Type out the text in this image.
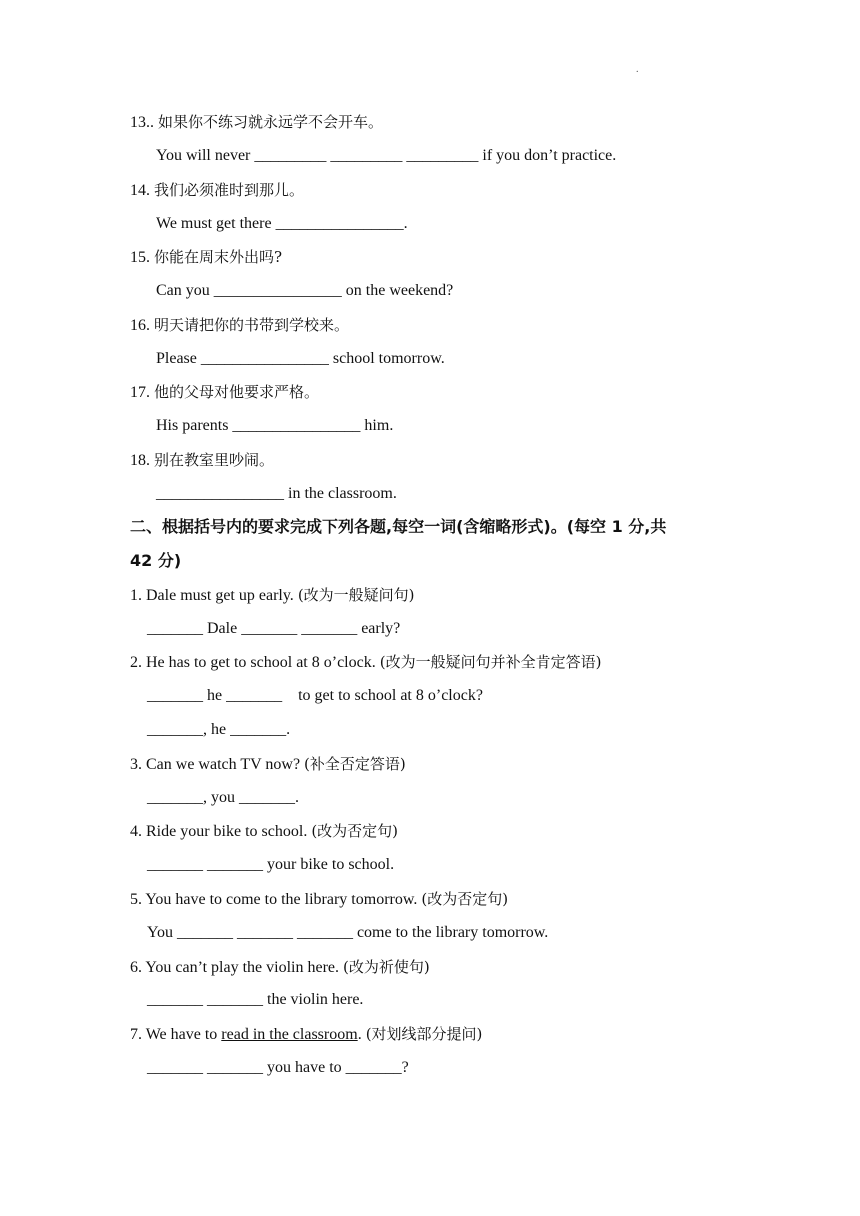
.
13.. 如果你不练习就永远学不会开车。
You will never _________ _________ _________ if you don’t practice.
14. 我们必须准时到那儿。
We must get there ________________.
15. 你能在周末外出吗?
Can you ________________ on the weekend?
16. 明天请把你的书带到学校来。
Please ________________ school tomorrow.
17. 他的父母对他要求严格。
His parents ________________ him.
18. 别在教室里吵闹。
________________ in the classroom.
二、根据括号内的要求完成下列各题,每空一词(含缩略形式)。(每空 1 分,共
42 分)
1. Dale must get up early. (改为一般疑问句)
_______ Dale _______ _______ early?
2. He has to get to school at 8 o’clock. (改为一般疑问句并补全肯定答语)
_______ he _______    to get to school at 8 o’clock?
_______, he _______.
3. Can we watch TV now? (补全否定答语)
_______, you _______.
4. Ride your bike to school. (改为否定句)
_______ _______ your bike to school.
5. You have to come to the library tomorrow. (改为否定句)
You _______ _______ _______ come to the library tomorrow.
6. You can’t play the violin here. (改为祈使句)
_______ _______ the violin here.
7. We have to read in the classroom. (对划线部分提问)
_______ _______ you have to _______?
